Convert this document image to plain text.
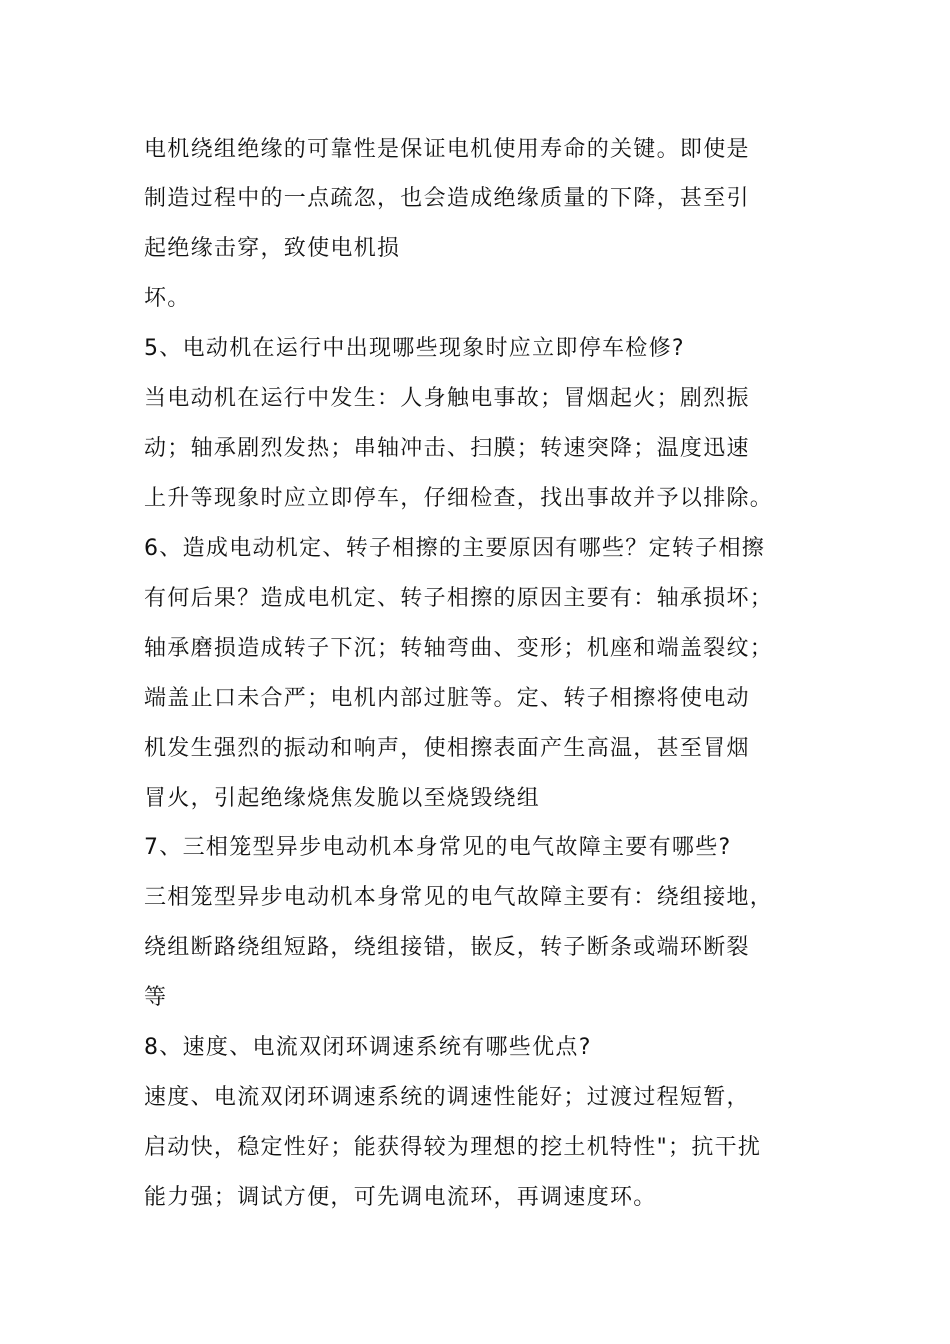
电机绕组绝缘的可靠性是保证电机使用寿命的关键。即使是
制造过程中的一点疏忽，也会造成绝缘质量的下降，甚至引
起绝缘击穿，致使电机损
坏。
5、电动机在运行中出现哪些现象时应立即停车检修?
当电动机在运行中发生：人身触电事故；冒烟起火；剧烈振
动；轴承剧烈发热；串轴冲击、扫膜；转速突降；温度迅速
上升等现象时应立即停车，仔细检查，找出事故并予以排除。
6、造成电动机定、转子相擦的主要原因有哪些？定转子相擦
有何后果？造成电机定、转子相擦的原因主要有：轴承损坏；
轴承磨损造成转子下沉；转轴弯曲、变形；机座和端盖裂纹；
端盖止口未合严；电机内部过脏等。定、转子相擦将使电动
机发生强烈的振动和响声，使相擦表面产生高温，甚至冒烟
冒火，引起绝缘烧焦发脆以至烧毁绕组
7、三相笼型异步电动机本身常见的电气故障主要有哪些?
三相笼型异步电动机本身常见的电气故障主要有：绕组接地，
绕组断路绕组短路，绕组接错，嵌反，转子断条或端环断裂
等
8、速度、电流双闭环调速系统有哪些优点?
速度、电流双闭环调速系统的调速性能好；过渡过程短暂，
启动快，稳定性好；能获得较为理想的挖土机特性"；抗干扰
能力强；调试方便，可先调电流环，再调速度环。
